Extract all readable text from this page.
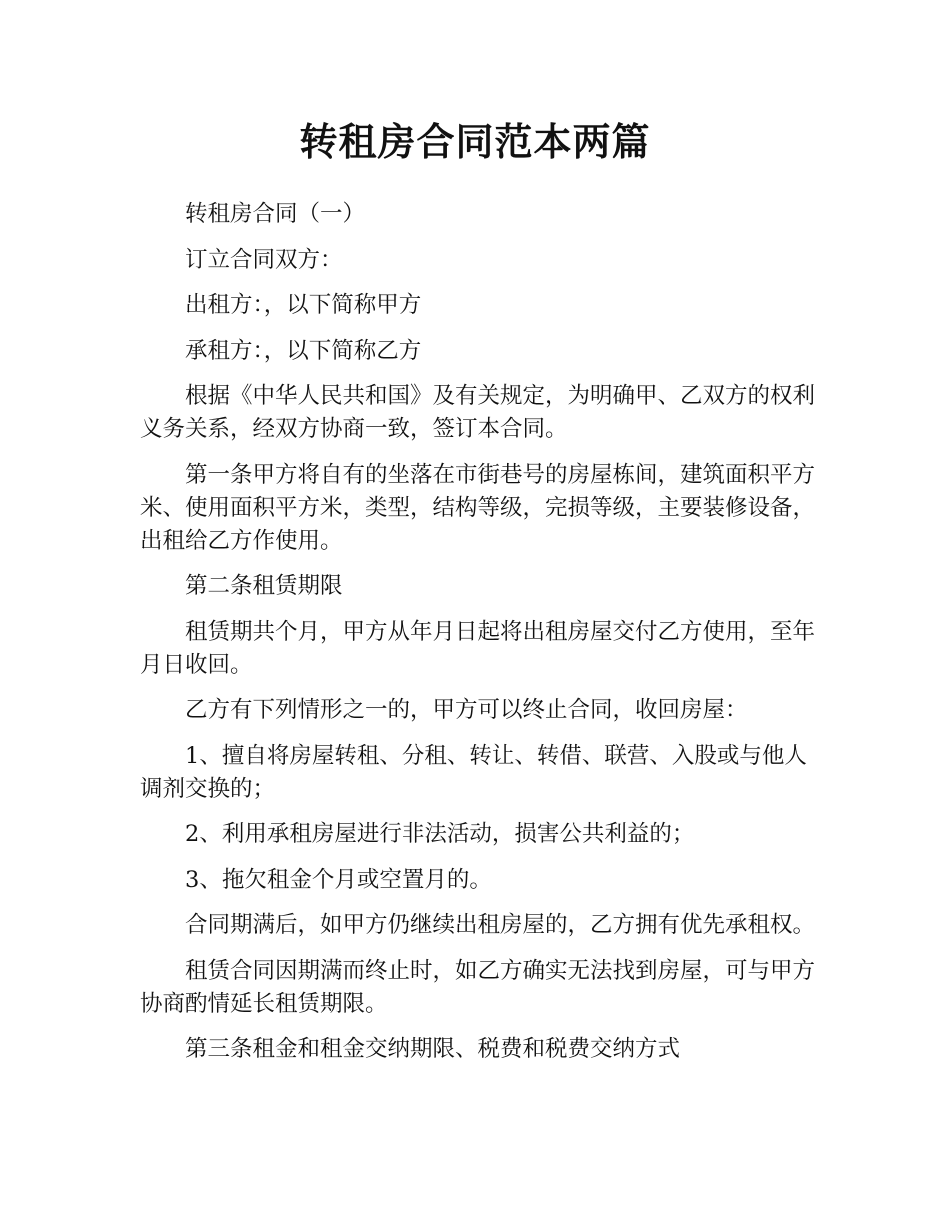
转租房合同范本两篇

转租房合同（一）

订立合同双方：

出租方：，以下简称甲方

承租方：，以下简称乙方

根据《中华人民共和国》及有关规定，为明确甲、乙双方的权利义务关系，经双方协商一致，签订本合同。

第一条甲方将自有的坐落在市街巷号的房屋栋间，建筑面积平方米、使用面积平方米，类型，结构等级，完损等级，主要装修设备，出租给乙方作使用。

第二条租赁期限

租赁期共个月，甲方从年月日起将出租房屋交付乙方使用，至年月日收回。

乙方有下列情形之一的，甲方可以终止合同，收回房屋：

1、擅自将房屋转租、分租、转让、转借、联营、入股或与他人调剂交换的；

2、利用承租房屋进行非法活动，损害公共利益的；

3、拖欠租金个月或空置月的。

合同期满后，如甲方仍继续出租房屋的，乙方拥有优先承租权。

租赁合同因期满而终止时，如乙方确实无法找到房屋，可与甲方协商酌情延长租赁期限。

第三条租金和租金交纳期限、税费和税费交纳方式
